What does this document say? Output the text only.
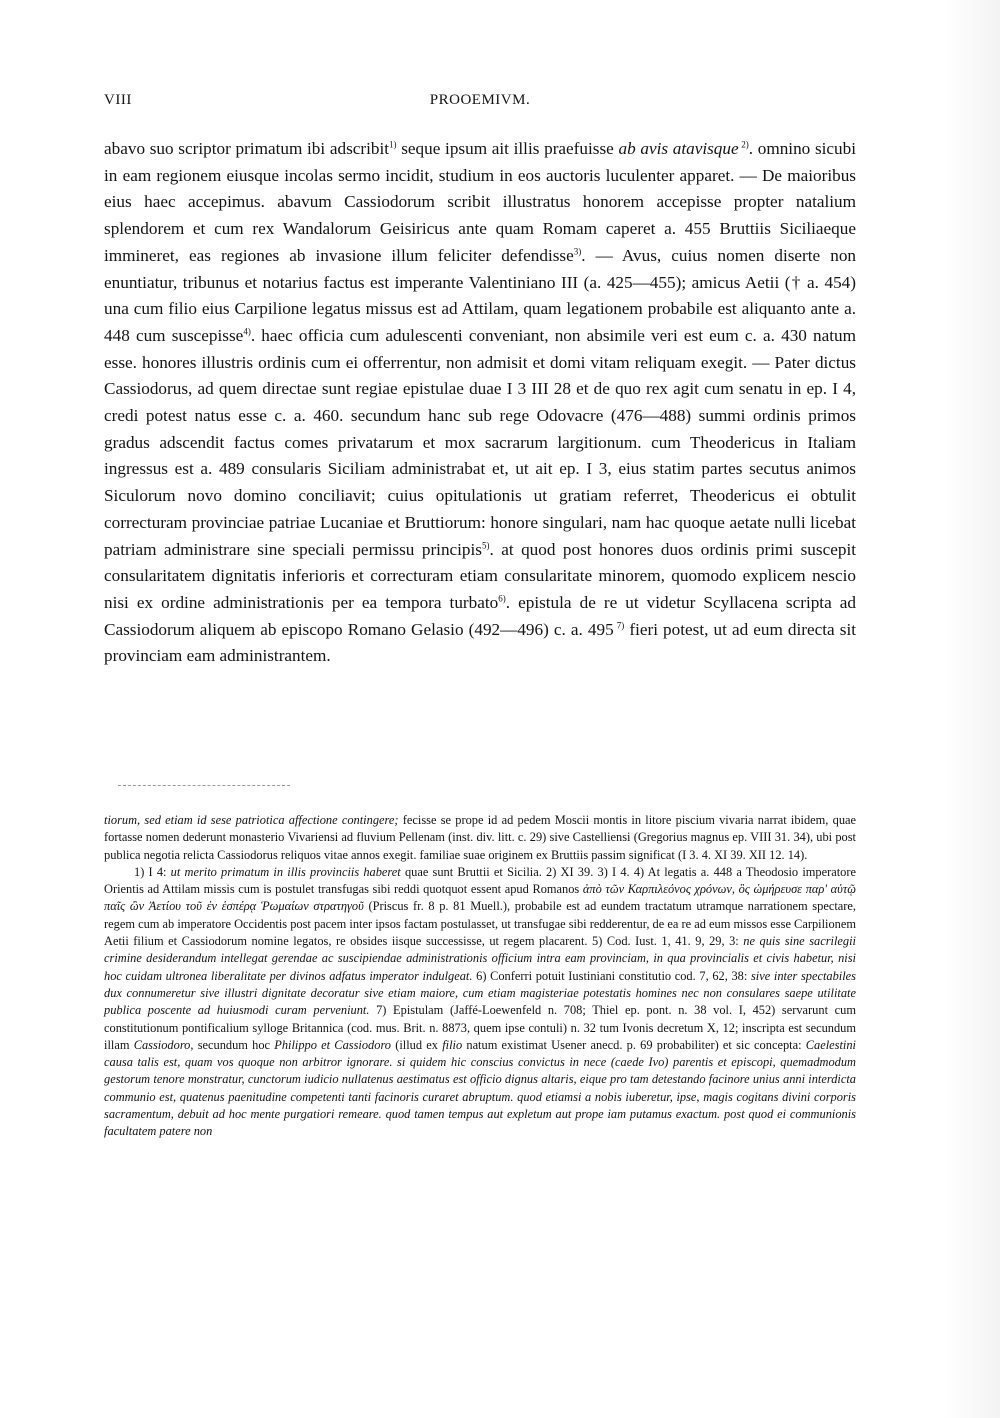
VIII	PROOEMIVM.

abavo suo scriptor primatum ibi adscribit$^{1)}$ seque ipsum ait illis praefuisse ab avis atavisque $^{2)}$. omnino sicubi in eam regionem eiusque incolas sermo incidit, studium in eos auctoris luculenter apparet. — De maioribus eius haec accepimus. abavum Cassiodorum scribit illustratus honorem accepisse propter natalium splendorem et cum rex Wandalorum Geisiricus ante quam Romam caperet a. 455 Bruttiis Siciliaeque immineret, eas regiones ab invasione illum feliciter defendisse$^{3)}$. — Avus, cuius nomen diserte non enuntiatur, tribunus et notarius factus est imperante Valentiniano III (a. 425—455); amicus Aetii († a. 454) una cum filio eius Carpilione legatus missus est ad Attilam, quam legationem probabile est aliquanto ante a. 448 cum suscepisse$^{4)}$. haec officia cum adulescenti conveniant, non absimile veri est eum c. a. 430 natum esse. honores illustris ordinis cum ei offerrentur, non admisit et domi vitam reliquam exegit. — Pater dictus Cassiodorus, ad quem directae sunt regiae epistulae duae I 3 III 28 et de quo rex agit cum senatu in ep. I 4, credi potest natus esse c. a. 460. secundum hanc sub rege Odovacre (476—488) summi ordinis primos gradus adscendit factus comes privatarum et mox sacrarum largitionum. cum Theodericus in Italiam ingressus est a. 489 consularis Siciliam administrabat et, ut ait ep. I 3, eius statim partes secutus animos Siculorum novo domino conciliavit; cuius opitulationis ut gratiam referret, Theodericus ei obtulit correcturam provinciae patriae Lucaniae et Bruttiorum: honore singulari, nam hac quoque aetate nulli licebat patriam administrare sine speciali permissu principis$^{5)}$. at quod post honores duos ordinis primi suscepit consularitatem dignitatis inferioris et correcturam etiam consularitate minorem, quomodo explicem nescio nisi ex ordine administrationis per ea tempora turbato$^{6)}$. epistula de re ut videtur Scyllacena scripta ad Cassiodorum aliquem ab episcopo Romano Gelasio (492—496) c. a. 495 $^{7)}$ fieri potest, ut ad eum directa sit provinciam eam administrantem.

tiorum, sed etiam id sese patriotica affectione contingere; fecisse se prope id ad pedem Moscii montis in litore piscium vivaria narrat ibidem, quae fortasse nomen dederunt monasterio Vivariensi ad fluvium Pellenam (inst. div. litt. c. 29) sive Castelliensi (Gregorius magnus ep. VIII 31. 34), ubi post publica negotia relicta Cassiodorus reliquos vitae annos exegit. familiae suae originem ex Bruttiis passim significat (I 3. 4. XI 39. XII 12. 14).

1) I 4: ut merito primatum in illis provinciis haberet quae sunt Bruttii et Sicilia. 2) XI 39. 3) I 4. 4) At legatis a. 448 a Theodosio imperatore Orientis ad Attilam missis cum is postulet transfugas sibi reddi quotquot essent apud Romanos ἀπὸ τῶν Καρπιλεόνος χρόνων, ὃς ὡμήρευσε παρ' αὐτῷ παῖς ὢν Ἀετίου τοῦ ἐν ἑσπέρᾳ Ῥωμαίων στρατηγοῦ (Priscus fr. 8 p. 81 Muell.), probabile est ad eundem tractatum utramque narrationem spectare, regem cum ab imperatore Occidentis post pacem inter ipsos factam postulasset, ut transfugae sibi redderentur, de ea re ad eum missos esse Carpilionem Aetii filium et Cassiodorum nomine legatos, re obsides iisque successisse, ut regem placarent. 5) Cod. Iust. 1, 41. 9, 29, 3: ne quis sine sacrilegii crimine desiderandum intellegat gerendae ac suscipiendae administrationis officium intra eam provinciam, in qua provincialis et civis habetur, nisi hoc cuidam ultronea liberalitate per divinos adfatus imperator indulgeat. 6) Conferri potuit Iustiniani constitutio cod. 7, 62, 38: sive inter spectabiles dux connumeretur sive illustri dignitate decoratur sive etiam maiore, cum etiam magisteriae potestatis homines nec non consulares saepe utilitate publica poscente ad huiusmodi curam perveniunt. 7) Epistulam (Jaffé-Loewenfeld n. 708; Thiel ep. pont. n. 38 vol. I, 452) servarunt cum constitutionum pontificalium sylloge Britannica (cod. mus. Brit. n. 8873, quem ipse contuli) n. 32 tum Ivonis decretum X, 12; inscripta est secundum illam Cassiodoro, secundum hoc Philippo et Cassiodoro (illud ex filio natum existimat Usener anecd. p. 69 probabiliter) et sic concepta: Caelestini causa talis est, quam vos quoque non arbitror ignorare. si quidem hic conscius convictus in nece (caede Ivo) parentis et episcopi, quemadmodum gestorum tenore monstratur, cunctorum iudicio nullatenus aestimatus est officio dignus altaris, eique pro tam detestando facinore unius anni interdicta communio est, quatenus paenitudine competenti tanti facinoris curaret abruptum. quod etiamsi a nobis iuberetur, ipse, magis cogitans divini corporis sacramentum, debuit ad hoc mente purgatiori remeare. quod tamen tempus aut expletum aut prope iam putamus exactum. post quod ei communionis facultatem patere non
